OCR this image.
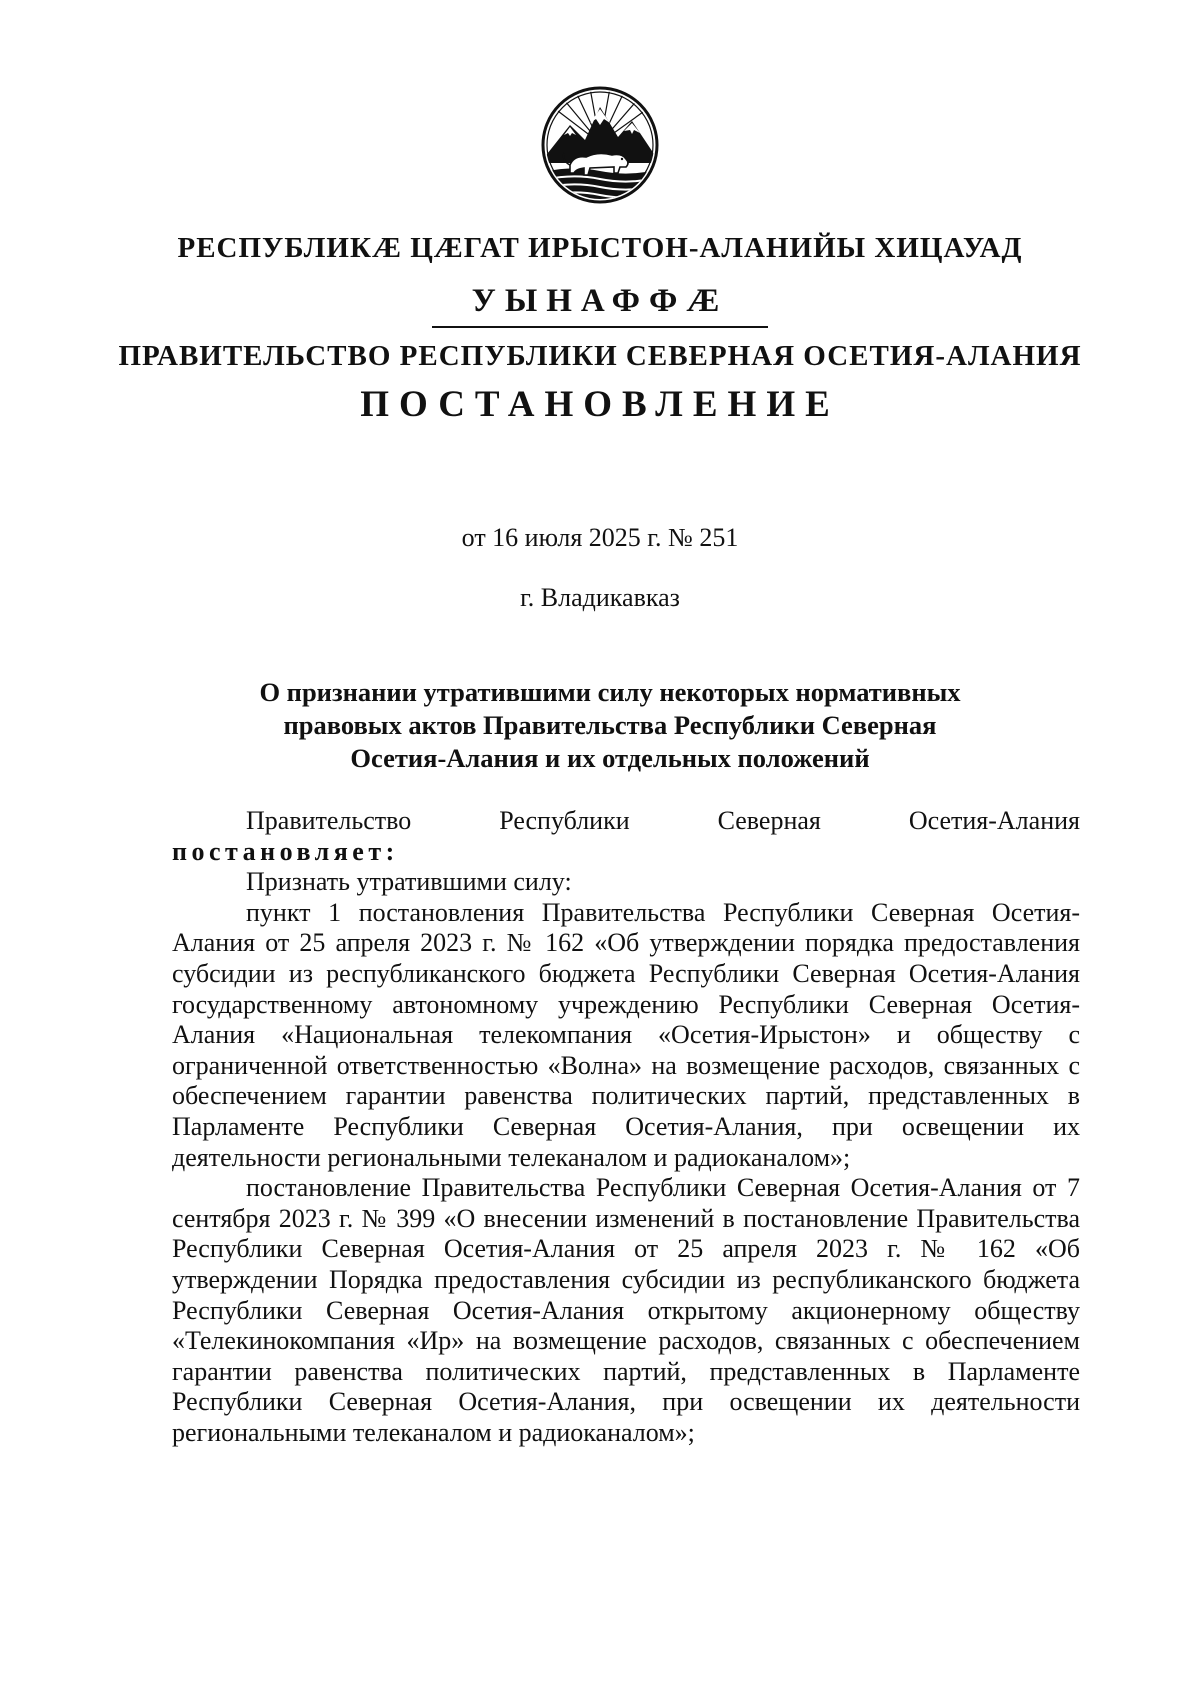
РЕСПУБЛИКÆ ЦÆГАТ ИРЫСТОН-АЛАНИЙЫ ХИЦАУАД
УЫНАФФÆ
ПРАВИТЕЛЬСТВО РЕСПУБЛИКИ СЕВЕРНАЯ ОСЕТИЯ-АЛАНИЯ
ПОСТАНОВЛЕНИЕ
от 16 июля 2025 г. № 251
г. Владикавказ
О признании утратившими силу некоторых нормативных
правовых актов Правительства Республики Северная
Осетия-Алания и их отдельных положений

Правительство Республики Северная Осетия-Алания

постановляет:

Признать утратившими силу:

пункт 1 постановления Правительства Республики Северная Осетия-Алания от 25 апреля 2023 г. № 162 «Об утверждении порядка предоставления субсидии из республиканского бюджета Республики Северная Осетия-Алания государственному автономному учреждению Республики Северная Осетия-Алания «Национальная телекомпания «Осетия-Ирыстон» и обществу с ограниченной ответственностью «Волна» на возмещение расходов, связанных с обеспечением гарантии равенства политических партий, представленных в Парламенте Республики Северная Осетия-Алания, при освещении их деятельности региональными телеканалом и радиоканалом»;

постановление Правительства Республики Северная Осетия-Алания от 7 сентября 2023 г. № 399 «О внесении изменений в постановление Правительства Республики Северная Осетия-Алания от 25 апреля 2023 г. № 162 «Об утверждении Порядка предоставления субсидии из республиканского бюджета Республики Северная Осетия-Алания открытому акционерному обществу «Телекинокомпания «Ир» на возмещение расходов, связанных с обеспечением гарантии равенства политических партий, представленных в Парламенте Республики Северная Осетия-Алания, при освещении их деятельности региональными телеканалом и радиоканалом»;
